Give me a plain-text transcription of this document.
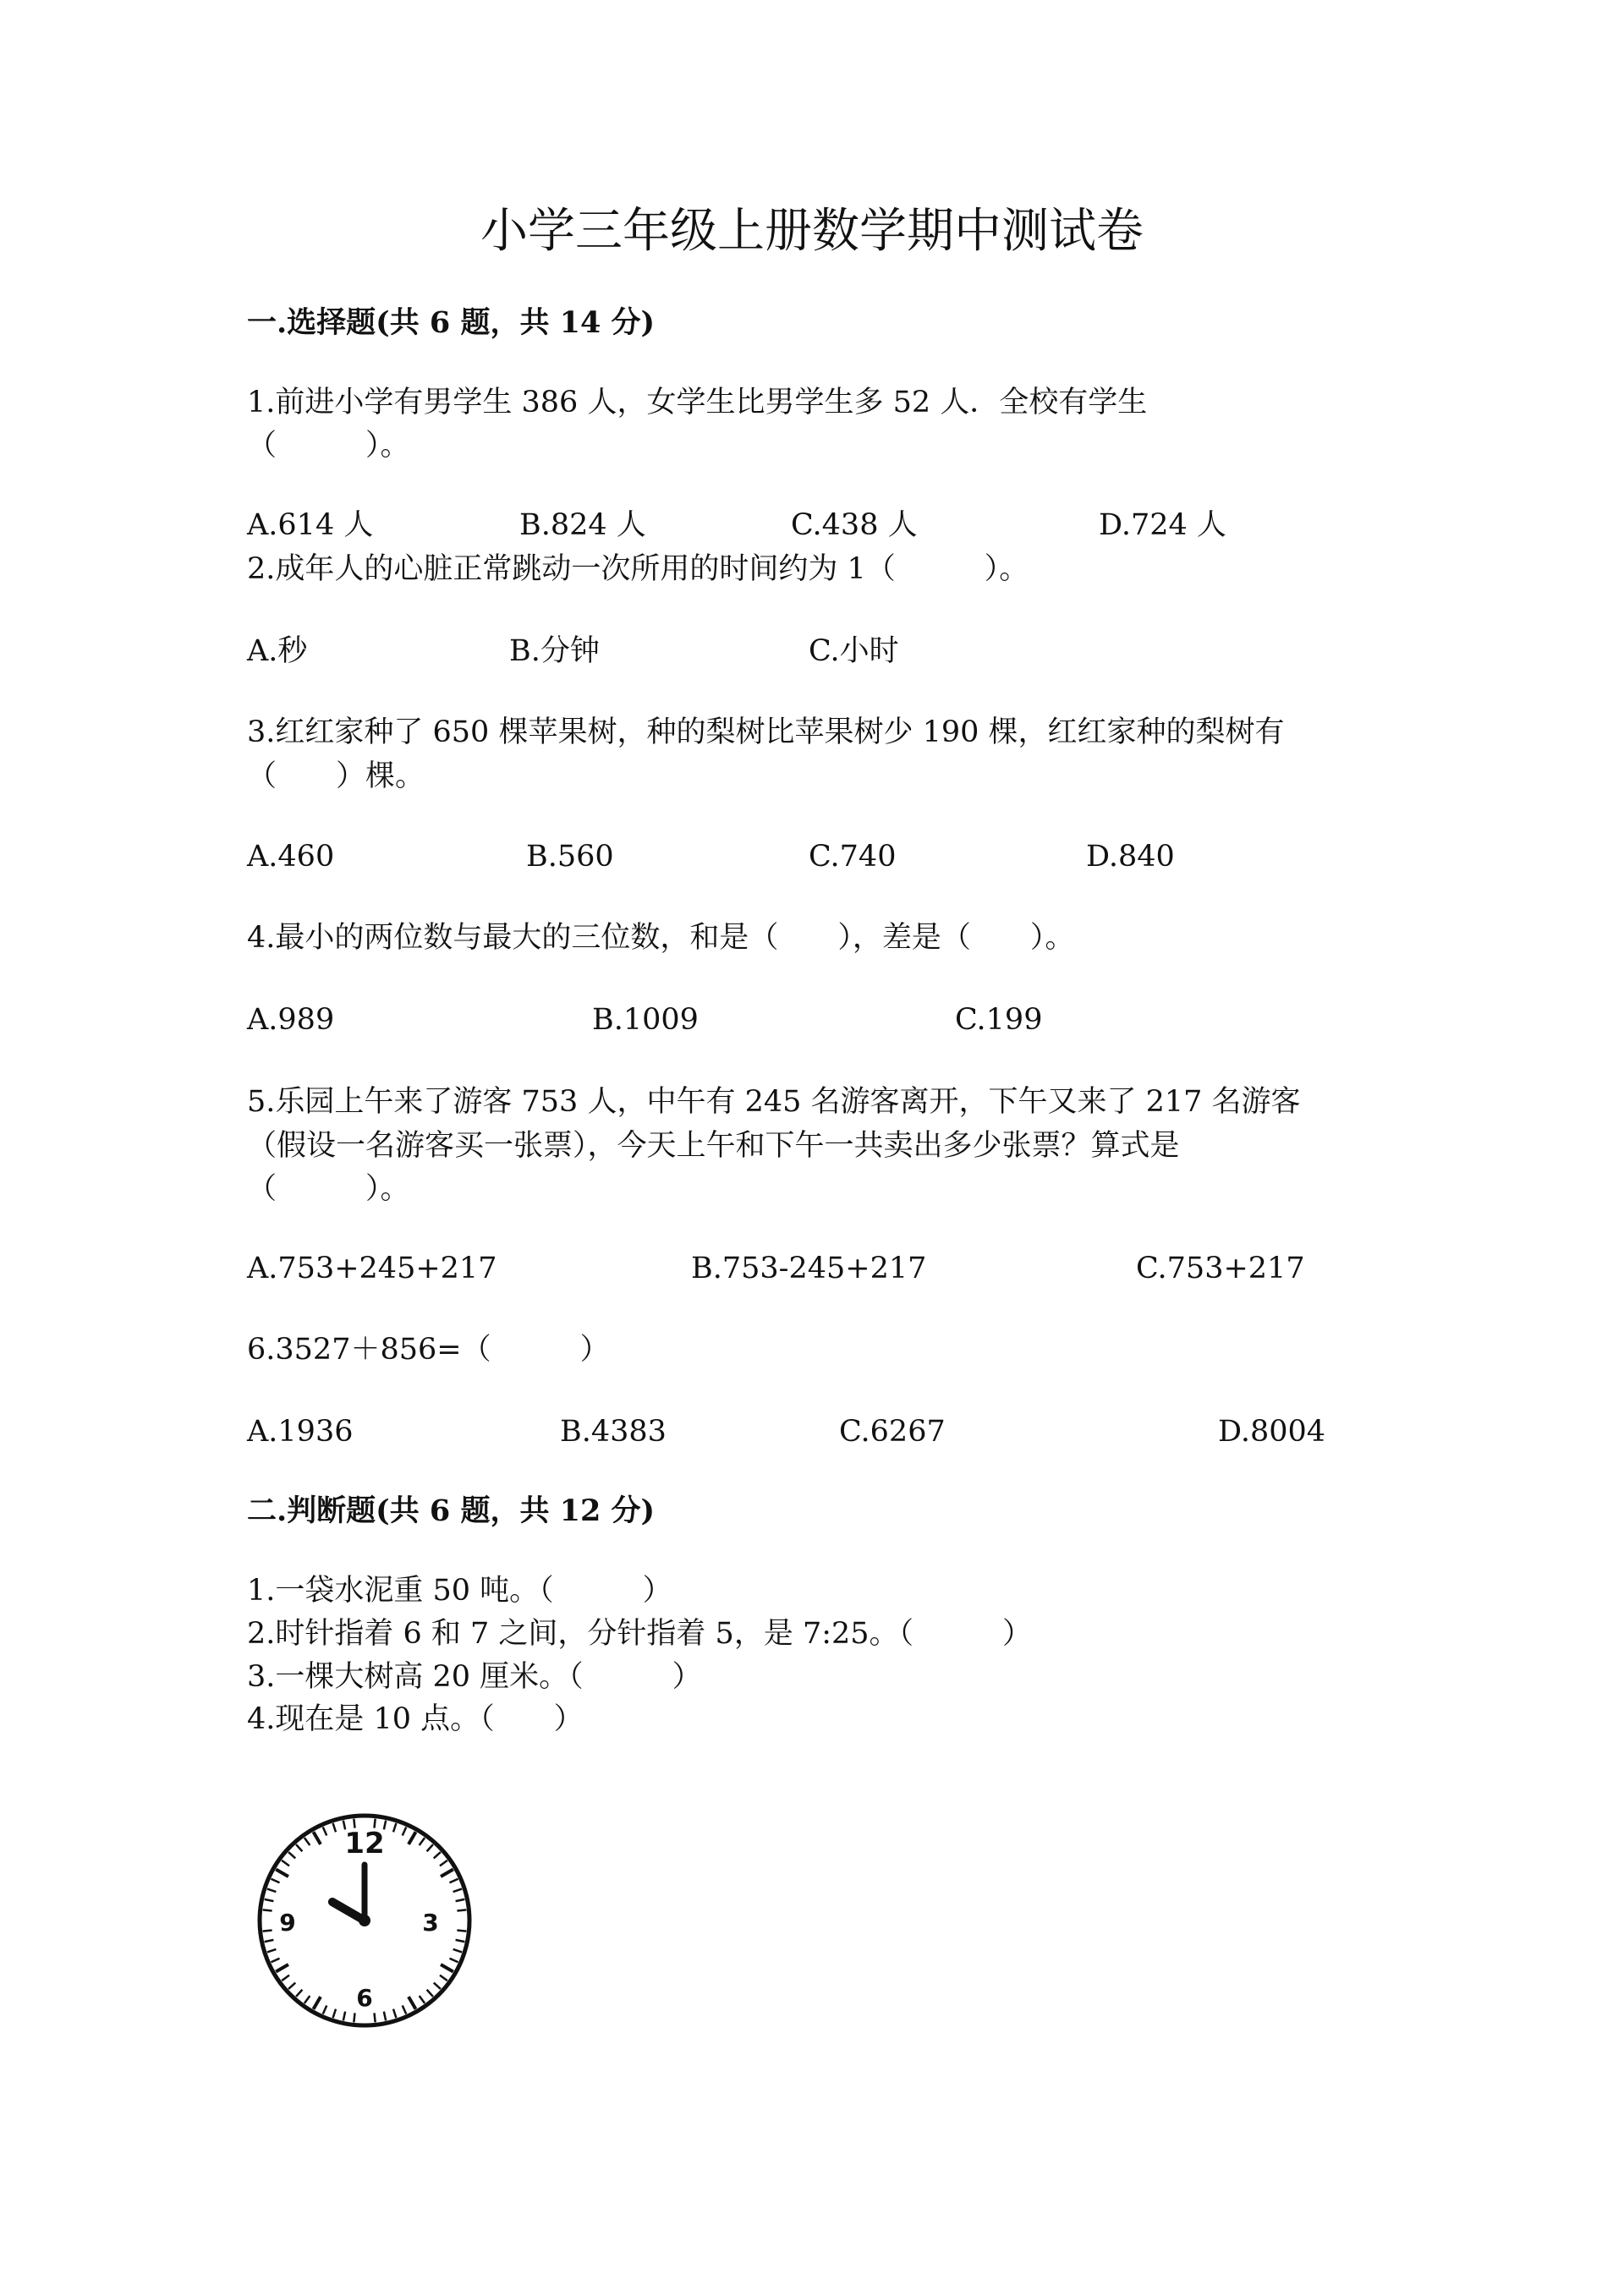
小学三年级上册数学期中测试卷
一.选择题(共 6 题，共 14 分)
1.前进小学有男学生 386 人，女学生比男学生多 52 人．全校有学生
（　　　）。
A.614 人	B.824 人	C.438 人	D.724 人
2.成年人的心脏正常跳动一次所用的时间约为 1（　　　）。
A.秒	B.分钟	C.小时
3.红红家种了 650 棵苹果树，种的梨树比苹果树少 190 棵，红红家种的梨树有
（　　）棵。
A.460	B.560	C.740	D.840
4.最小的两位数与最大的三位数，和是（　　），差是（　　）。
A.989	B.1009	C.199
5.乐园上午来了游客 753 人，中午有 245 名游客离开，下午又来了 217 名游客
（假设一名游客买一张票），今天上午和下午一共卖出多少张票？算式是
（　　　）。
A.753+245+217	B.753-245+217	C.753+217
6.3527＋856=（　　　）
A.1936	B.4383	C.6267	D.8004
二.判断题(共 6 题，共 12 分)
1.一袋水泥重 50 吨。（　　　）
2.时针指着 6 和 7 之间，分针指着 5，是 7:25。（　　　）
3.一棵大树高 20 厘米。（　　　）
4.现在是 10 点。（　　）
12
3
6
9
